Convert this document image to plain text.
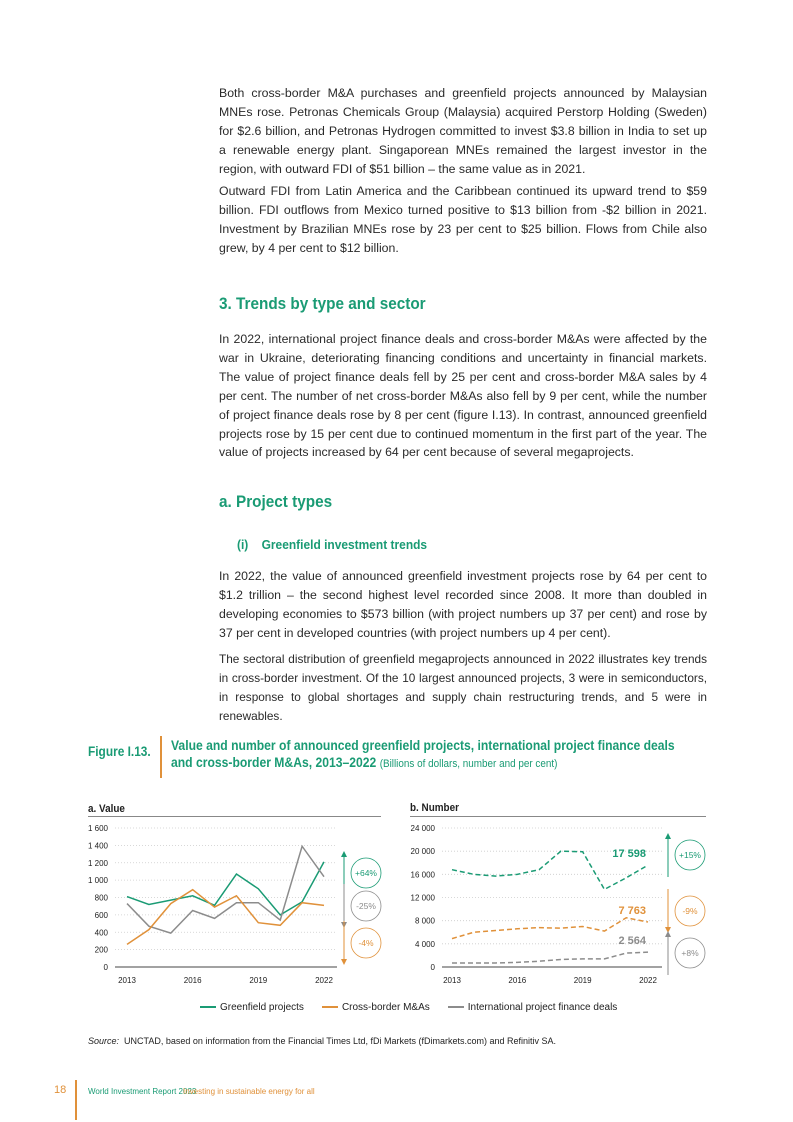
Both cross-border M&A purchases and greenfield projects announced by Malaysian MNEs rose. Petronas Chemicals Group (Malaysia) acquired Perstorp Holding (Sweden) for $2.6 billion, and Petronas Hydrogen committed to invest $3.8 billion in India to set up a renewable energy plant. Singaporean MNEs remained the largest investor in the region, with outward FDI of $51 billion – the same value as in 2021.

Outward FDI from Latin America and the Caribbean continued its upward trend to $59 billion. FDI outflows from Mexico turned positive to $13 billion from -$2 billion in 2021. Investment by Brazilian MNEs rose by 23 per cent to $25 billion. Flows from Chile also grew, by 4 per cent to $12 billion.

3. Trends by type and sector

In 2022, international project finance deals and cross-border M&As were affected by the war in Ukraine, deteriorating financing conditions and uncertainty in financial markets. The value of project finance deals fell by 25 per cent and cross-border M&A sales by 4 per cent. The number of net cross-border M&As also fell by 9 per cent, while the number of project finance deals rose by 8 per cent (figure I.13). In contrast, announced greenfield projects rose by 15 per cent due to continued momentum in the first part of the year. The value of projects increased by 64 per cent because of several megaprojects.

a. Project types
(i) Greenfield investment trends

In 2022, the value of announced greenfield investment projects rose by 64 per cent to $1.2 trillion – the second highest level recorded since 2008. It more than doubled in developing economies to $573 billion (with project numbers up 37 per cent) and rose by 37 per cent in developed countries (with project numbers up 4 per cent).

The sectoral distribution of greenfield megaprojects announced in 2022 illustrates key trends in cross-border investment. Of the 10 largest announced projects, 3 were in semiconductors, in response to global shortages and supply chain restructuring trends, and 5 were in renewables.

Figure I.13. Value and number of announced greenfield projects, international project finance deals and cross-border M&As, 2013–2022 (Billions of dollars, number and per cent)
a. Value	b. Number
0
200
400
600
800
1 000
1 200
1 400
1 600
2013	2016	2019	2022
+64%
-25%
-4%
0
4 000
8 000
12 000
16 000
20 000
24 000
2013	2016	2019	2022
17 598	+15%
7 763	-9%
2 564
+8%
Greenfield projects	Cross-border M&As	International project finance deals
Source: UNCTAD, based on information from the Financial Times Ltd, fDi Markets (fDimarkets.com) and Refinitiv SA.
18	World Investment Report 2023
Investing in sustainable energy for all
